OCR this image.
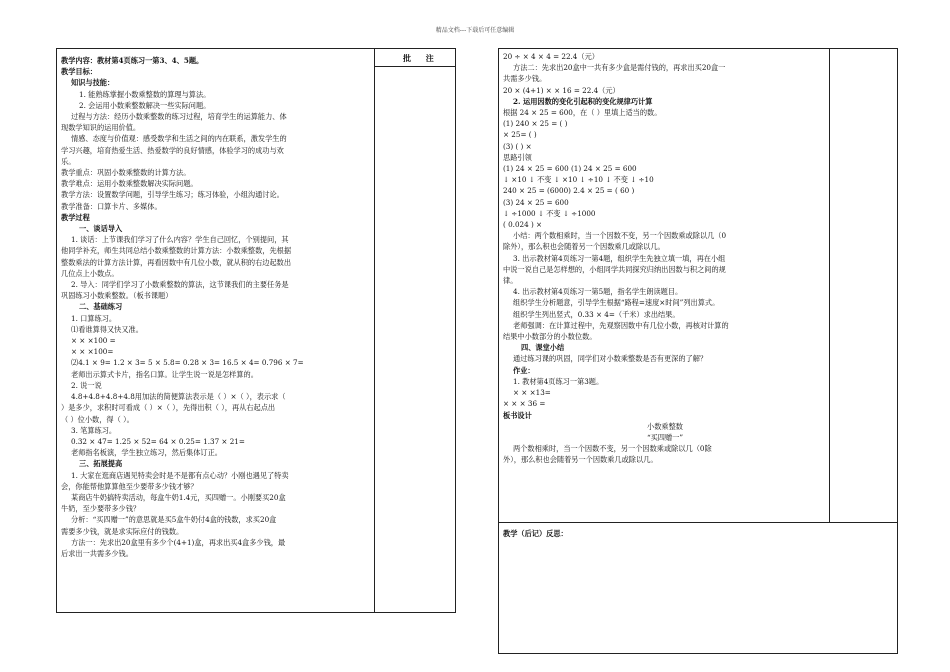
精品文档---下载后可任意编辑
批 注
教学内容：教材第4页练习一第3、4、5题。
教学目标：
知识与技能：
1. 能熟练掌握小数乘整数的算理与算法。
2. 会运用小数乘整数解决一些实际问题。
过程与方法：经历小数乘整数的练习过程，培育学生的运算能力、体
现数学知识的运用价值。
情感、态度与价值观：感受数学和生活之间的内在联系，激发学生的
学习兴趣，培育热爱生活、热爱数学的良好情感，体验学习的成功与欢
乐。
教学重点：巩固小数乘整数的计算方法。
教学难点：运用小数乘整数解决实际问题。
教学方法：设置数学问题，引导学生练习；练习体验，小组沟通讨论。
教学准备：口算卡片、多媒体。
教学过程
一、谈话导入
1. 谈话：上节课我们学习了什么内容？学生自己回忆，个别提问，其
他同学补充，师生共同总结小数乘整数的计算方法：小数乘整数，先根据
整数乘法的计算方法计算，再看因数中有几位小数，就从积的右边起数出
几位点上小数点。
2. 导入：同学们学习了小数乘整数的算法，这节课我们的主要任务是
巩固练习小数乘整数。（板书课题）
二、基础练习
1. 口算练习。
⑴看谁算得又快又准。
× × ×100 =
× × ×100=
⑵4.1 × 9= 1.2 × 3= 5 × 5.8= 0.28 × 3= 16.5 × 4= 0.796 × 7=
老师出示算式卡片，指名口算。让学生说一说是怎样算的。
2. 说一说
4.8+4.8+4.8+4.8用加法的简便算法表示是（ ）×（ ），表示求（
）是多少，求积时可看成（ ）×（ ），先得出积（ ），再从右起点出
（ ）位小数，得（ ）。
3. 笔算练习。
0.32 × 47= 1.25 × 52= 64 × 0.25= 1.37 × 21=
老师指名板演，学生独立练习，然后集体订正。
三、拓展提高
1. 大家在逛商店遇见特卖会时是不是都有点心动？小刚也遇见了特卖
会，你能帮他算算他至少要带多少钱才够？
某商店牛奶搞特卖活动，每盒牛奶1.4元，买四赠一。小刚要买20盒
牛奶，至少要带多少钱？
分析：“买四赠一”的意思就是买5盒牛奶付4盒的钱数，求买20盒
需要多少钱，就是求实际应付的钱数。
方法一：先求出20盒里有多少个(4+1)盒，再求出买4盒多少钱，最
后求出一共需多少钱。
20 ÷ × 4 × 4 = 22.4（元）
方法二：先求出20盒中一共有多少盒是需付钱的，再求出买20盒一
共需多少钱。
20 × (4+1) × × 16 = 22.4（元）
2. 运用因数的变化引起积的变化规律巧计算
根据 24 × 25 = 600，在（ ）里填上适当的数。
(1) 240 × 25 = ( )
× 25= ( )
(3) ( ) ×
思路引领
(1) 24 × 25 = 600 (1) 24 × 25 = 600
↓ ×10 ↓ 不变 ↓ ×10 ↓ ÷10 ↓ 不变 ↓ ÷10
240 × 25 = (6000) 2.4 × 25 = ( 60 )
(3) 24 × 25 = 600
↓ ÷1000 ↓ 不变 ↓ ÷1000
( 0.024 ) ×
小结：两个数相乘时，当一个因数不变，另一个因数乘或除以几（0
除外），那么积也会随着另一个因数乘几或除以几。
3. 出示教材第4页练习一第4题，组织学生先独立填一填，再在小组
中说一说自己是怎样想的，小组同学共同探究归纳出因数与积之间的规
律。
4. 出示教材第4页练习一第5题，指名学生朗读题目。
组织学生分析题意，引导学生根据“路程=速度×时间”列出算式。
组织学生列出竖式，0.33 × 4=（千米）求出结果。
老师强调：在计算过程中，先观察因数中有几位小数，再核对计算的
结果中小数部分的小数位数。
四、课堂小结
通过练习课的巩固，同学们对小数乘整数是否有更深的了解？
作业：
1. 教材第4页练习一第3题。
× × ×13=
× × × 36 =
板书设计
小数乘整数
“买四赠一”
两个数相乘时，当一个因数不变，另一个因数乘或除以几（0除
外），那么积也会随着另一个因数乘几或除以几。
教学（后记）反思：
